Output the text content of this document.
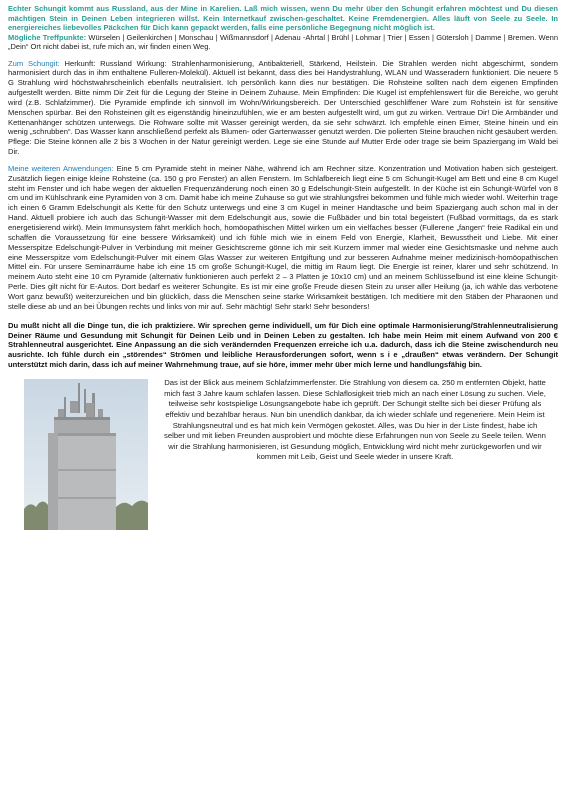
Echter Schungit kommt aus Russland, aus der Mine in Karelien. Laß mich wissen, wenn Du mehr über den Schungit erfahren möchtest und Du diesen mächtigen Stein in Deinen Leben integrieren willst. Kein Internetkauf zwischen-geschaltet. Keine Fremdenergien. Alles läuft von Seele zu Seele. In energiereiches liebevolles Päckchen für Dich kann gepackt werden, falls eine persönliche Begegnung nicht möglich ist.
Mögliche Treffpunkte: Würselen | Geilenkirchen | Monschau | Wißmannsdorf | Adenau -Ahrtal | Brühl | Lohmar | Trier | Essen | Gütersloh | Damme | Bremen. Wenn „Dein“ Ort nicht dabei ist, rufe mich an, wir finden einen Weg.

Zum Schungit: Herkunft: Russland Wirkung: Strahlenharmonisierung, Antibakteriell, Stärkend, Heilstein. Die Strahlen werden nicht abgeschirmt, sondern harmonisiert durch das in ihm enthaltene Fulleren-Molekül). Aktuell ist bekannt, dass dies bei Handystrahlung, WLAN und Wasseradern funktioniert. Die neuere 5 G Strahlung wird höchstwahrscheinlich ebenfalls neutralisiert. Ich persönlich kann dies nur bestätigen. Die Rohsteine sollten nach dem eigenen Empfinden aufgestellt werden. Bitte nimm Dir Zeit für die Legung der Steine in Deinem Zuhause. Mein Empfinden: Die Kugel ist empfehlenswert für die Bereiche, wo geruht wird (z.B. Schlafzimmer). Die Pyramide empfinde ich sinnvoll im Wohn/Wirkungsbereich. Der Unterschied geschliffener Ware zum Rohstein ist für sensitive Menschen spürbar. Bei den Rohsteinen gilt es eigenständig hineinzufühlen, wie er am besten aufgestellt wird, um gut zu wirken. Vertraue Dir! Die Armbänder und Kettenanhänger schützen unterwegs. Die Rohware sollte mit Wasser gereinigt werden, da sie sehr schwärzt. Ich empfehle einen Eimer, Steine hinein und ein wenig „schrubben“. Das Wasser kann anschließend perfekt als Blumen- oder Gartenwasser genutzt werden. Die polierten Steine brauchen nicht gesäubert werden. Pflege: Die Steine können alle 2 bis 3 Wochen in der Natur gereinigt werden. Lege sie eine Stunde auf Mutter Erde oder trage sie beim Spaziergang im Wald bei Dir.

Meine weiteren Anwendungen: Eine 5 cm Pyramide steht in meiner Nähe, während ich am Rechner sitze. Konzentration und Motivation haben sich gesteigert. Zusätzlich liegen einige kleine Rohsteine (ca. 150 g pro Fenster) an allen Fenstern. Im Schlafbereich liegt eine 5 cm Schungit-Kugel am Bett und eine 8 cm Kugel steht im Fenster und ich habe wegen der aktuellen Frequenzänderung noch einen 30 g Edelschungit-Stein aufgestellt. In der Küche ist ein Schungit-Würfel von 8 cm und im Kühlschrank eine Pyramiden von 3 cm. Damit habe ich meine Zuhause so gut wie strahlungsfrei bekommen und fühle mich wieder wohl. Weiterhin trage ich einen 6 Gramm Edelschungit als Kette für den Schutz unterwegs und eine 3 cm Kugel in meiner Handtasche und beim Spaziergang auch schon mal in der Hand. Aktuell probiere ich auch das Schungit-Wasser mit dem Edelschungit aus, sowie die Fußbäder und bin total begeistert (Fußbad vormittags, da es stark energetisierend wirkt). Mein Immunsystem fährt merklich hoch, homöopathischen Mittel wirken um ein vielfaches besser (Fullerene „fangen“ freie Radikal ein und schaffen die Voraussetzung für eine bessere Wirksamkeit) und ich fühle mich wie in einem Feld von Energie, Klarheit, Bewusstheit und Liebe. Mit einer Messerspitze Edelschungit-Pulver in Verbindung mit meiner Gesichtscreme gönne ich mir seit Kurzem immer mal wieder eine Gesichtsmaske und nehme auch eine Messerspitze vom Edelschungit-Pulver mit einem Glas Wasser zur weiteren Entgiftung und zur besseren Aufnahme meiner medizinisch-homöopathischen Mittel ein. Für unsere Seminarräume habe ich eine 15 cm große Schungit-Kugel, die mittig im Raum liegt. Die Energie ist reiner, klarer und sehr schützend. In meinem Auto steht eine 10 cm Pyramide (alternativ funktionieren auch perfekt 2 – 3 Platten je 10x10 cm) und an meinem Schlüsselbund ist eine kleine Schungit-Perle. Dies gilt nicht für E-Autos. Dort bedarf es weiterer Schungite. Es ist mir eine große Freude diesen Stein zu unser aller Heilung (ja, ich wähle das verbotene Wort ganz bewußt) weiterzureichen und bin glücklich, dass die Menschen seine starke Wirksamkeit bestätigen. Ich meditiere mit den Stäben der Pharaonen und stelle diese ab und an bei Übungen rechts und links von mir auf. Sehr mächtig! Sehr stark! Sehr besonders!

Du mußt nicht all die Dinge tun, die ich praktiziere. Wir sprechen gerne individuell, um für Dich eine optimale Harmonisierung/Strahlenneutralisierung Deiner Räume und Gesundung mit Schungit für Deinen Leib und in Deinen Leben zu gestalten. Ich habe mein Heim mit einem Aufwand von 200 € Strahlenneutral ausgerichtet. Eine Anpassung an die sich verändernden Frequenzen erreiche ich u.a. dadurch, dass ich die Steine zwischendurch neu ausrichte. Ich fühle durch ein „störendes“ Strömen und leibliche Herausforderungen sofort, wenn s i e „draußen“ etwas verändern. Der Schungit unterstützt mich darin, dass ich auf meiner Wahrnehmung traue, auf sie höre, immer mehr über mich lerne und handlungsfähig bin.

Das ist der Blick aus meinem Schlafzimmerfenster. Die Strahlung von diesem ca. 250 m entfernten Objekt, hatte mich fast 3 Jahre kaum schlafen lassen. Diese Schlaflosigkeit trieb mich an nach einer Lösung zu suchen. Viele, teilweise sehr kostspielige Lösungsangebote habe ich geprüft. Der Schungit stellte sich bei dieser Prüfung als effektiv und bezahlbar heraus. Nun bin unendlich dankbar, da ich wieder schlafe und regeneriere. Mein Heim ist Strahlungsneutral und es hat mich kein Vermögen gekostet. Alles, was Du hier in der Liste findest, habe ich selber und mit lieben Freunden ausprobiert und möchte diese Erfahrungen nun von Seele zu Seele teilen. Wenn wir die Strahlung harmonisieren, ist Gesundung möglich, Entwicklung wird nicht mehr zurückgeworfen und wir kommen mit Leib, Geist und Seele wieder in unsere Kraft.
